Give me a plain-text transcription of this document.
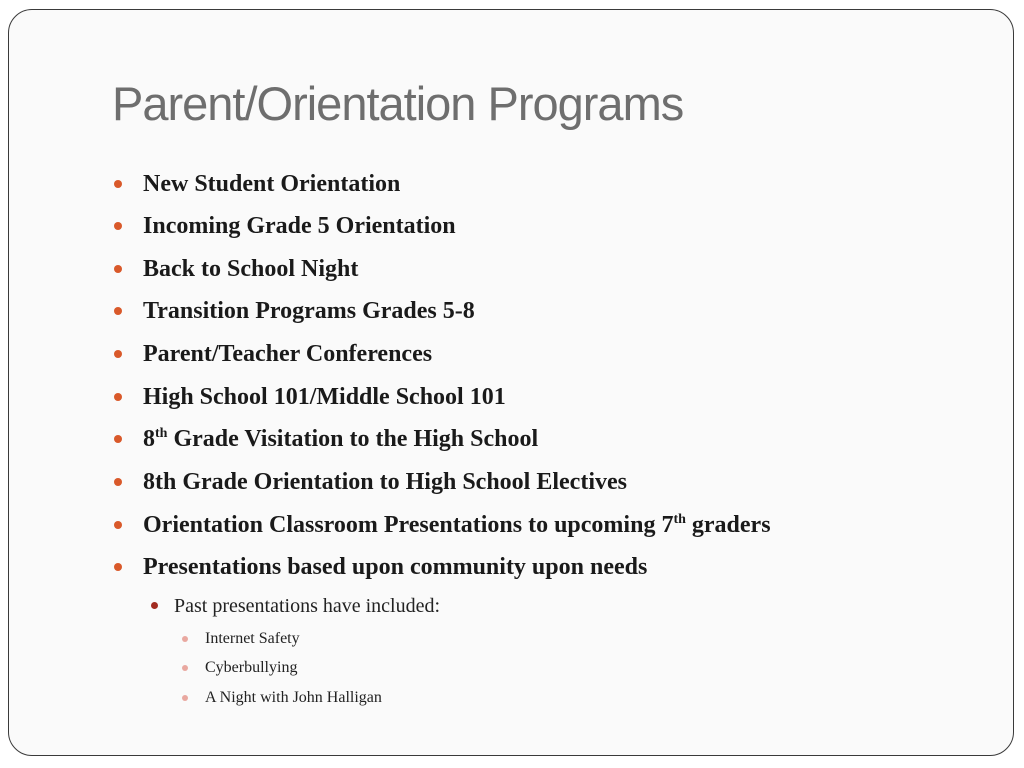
Parent/Orientation Programs
New Student Orientation
Incoming Grade 5 Orientation
Back to School Night
Transition Programs Grades 5-8
Parent/Teacher Conferences
High School 101/Middle School 101
8th Grade Visitation to the High School
8th Grade Orientation to High School Electives
Orientation Classroom Presentations to upcoming 7th graders
Presentations based upon community upon needs
Past presentations have included:
Internet Safety
Cyberbullying
A Night with John Halligan
